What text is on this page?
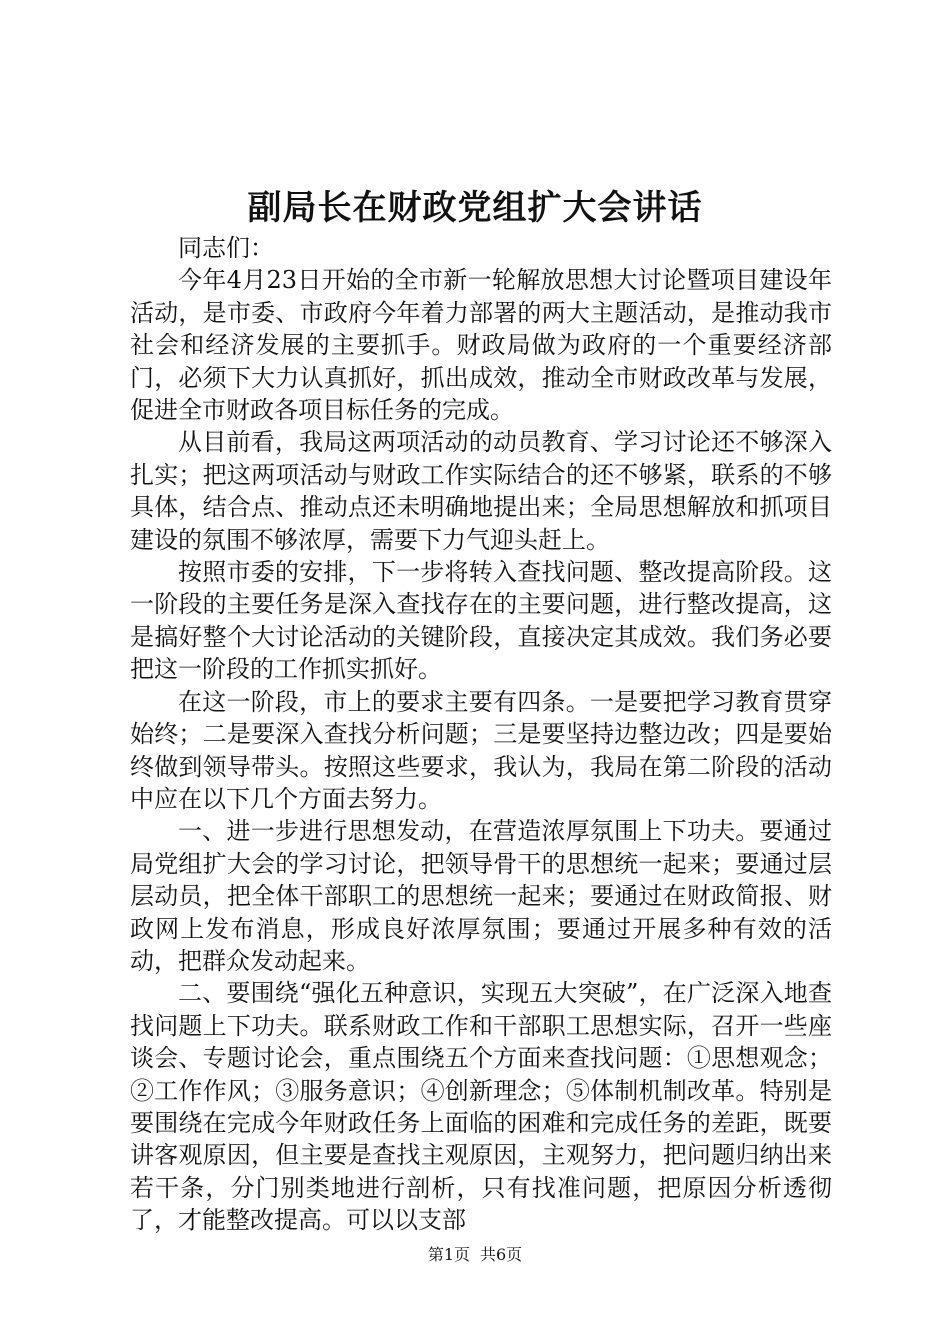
副局长在财政党组扩大会讲话

同志们：

今年4月23日开始的全市新一轮解放思想大讨论暨项目建设年活动，是市委、市政府今年着力部署的两大主题活动，是推动我市社会和经济发展的主要抓手。财政局做为政府的一个重要经济部门，必须下大力认真抓好，抓出成效，推动全市财政改革与发展，促进全市财政各项目标任务的完成。

从目前看，我局这两项活动的动员教育、学习讨论还不够深入扎实；把这两项活动与财政工作实际结合的还不够紧，联系的不够具体，结合点、推动点还未明确地提出来；全局思想解放和抓项目建设的氛围不够浓厚，需要下力气迎头赶上。

按照市委的安排，下一步将转入查找问题、整改提高阶段。这一阶段的主要任务是深入查找存在的主要问题，进行整改提高，这是搞好整个大讨论活动的关键阶段，直接决定其成效。我们务必要把这一阶段的工作抓实抓好。

在这一阶段，市上的要求主要有四条。一是要把学习教育贯穿始终；二是要深入查找分析问题；三是要坚持边整边改；四是要始终做到领导带头。按照这些要求，我认为，我局在第二阶段的活动中应在以下几个方面去努力。

一、进一步进行思想发动，在营造浓厚氛围上下功夫。要通过局党组扩大会的学习讨论，把领导骨干的思想统一起来；要通过层层动员，把全体干部职工的思想统一起来；要通过在财政简报、财政网上发布消息，形成良好浓厚氛围；要通过开展多种有效的活动，把群众发动起来。

二、要围绕“强化五种意识，实现五大突破”，在广泛深入地查找问题上下功夫。联系财政工作和干部职工思想实际，召开一些座谈会、专题讨论会，重点围绕五个方面来查找问题：①思想观念；②工作作风；③服务意识；④创新理念；⑤体制机制改革。特别是要围绕在完成今年财政任务上面临的困难和完成任务的差距，既要讲客观原因，但主要是查找主观原因，主观努力，把问题归纳出来若干条，分门别类地进行剖析，只有找准问题，把原因分析透彻了，才能整改提高。可以以支部

第1页 共6页
